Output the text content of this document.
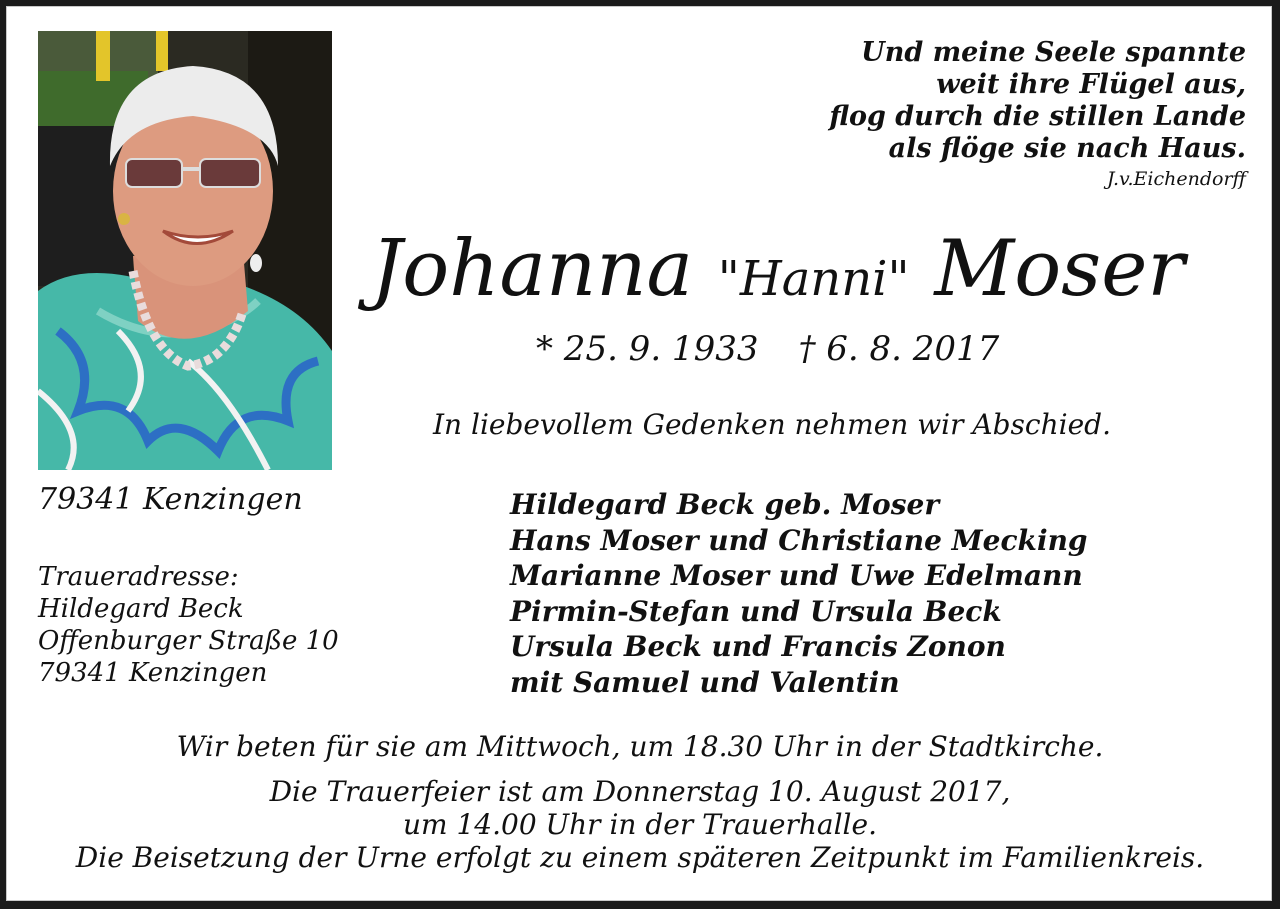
Und meine Seele spannte
weit ihre Flügel aus,
flog durch die stillen Lande
als flöge sie nach Haus.
J.v.Eichendorff
Johanna "Hanni" Moser
* 25. 9. 1933 † 6. 8. 2017
In liebevollem Gedenken nehmen wir Abschied.
79341 Kenzingen
Traueradresse:
Hildegard Beck
Offenburger Straße 10
79341 Kenzingen
Hildegard Beck geb. Moser
Hans Moser und Christiane Mecking
Marianne Moser und Uwe Edelmann
Pirmin-Stefan und Ursula Beck
Ursula Beck und Francis Zonon
mit Samuel und Valentin
Wir beten für sie am Mittwoch, um 18.30 Uhr in der Stadtkirche.
Die Trauerfeier ist am Donnerstag 10. August 2017,
um 14.00 Uhr in der Trauerhalle.
Die Beisetzung der Urne erfolgt zu einem späteren Zeitpunkt im Familienkreis.
